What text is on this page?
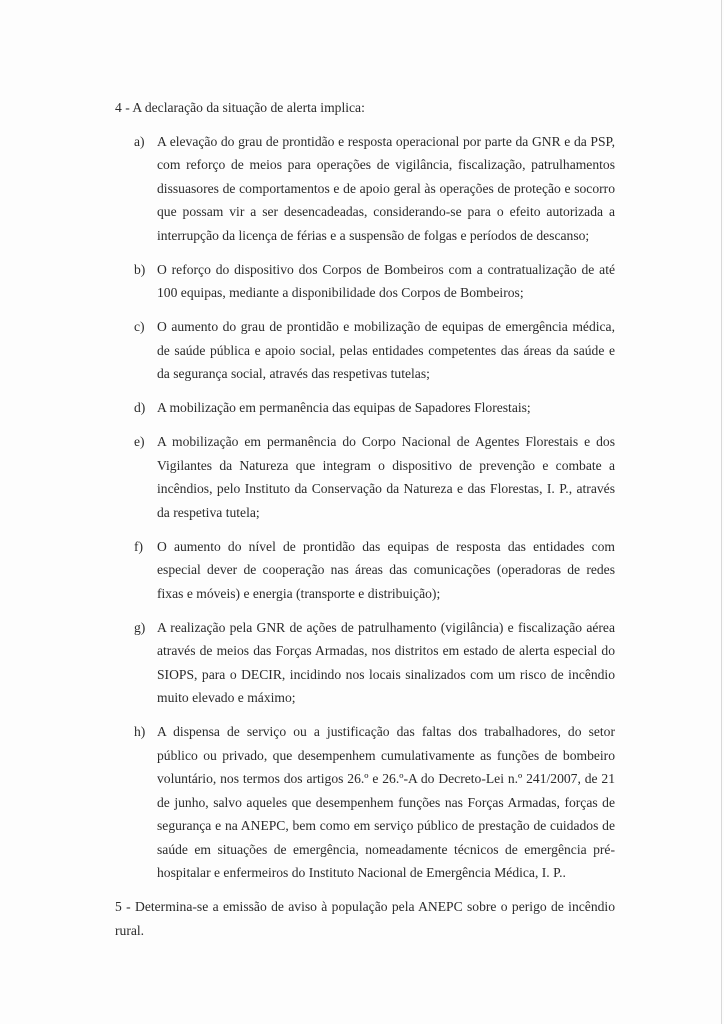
4 - A declaração da situação de alerta implica:

a) A elevação do grau de prontidão e resposta operacional por parte da GNR e da PSP, com reforço de meios para operações de vigilância, fiscalização, patrulhamentos dissuasores de comportamentos e de apoio geral às operações de proteção e socorro que possam vir a ser desencadeadas, considerando-se para o efeito autorizada a interrupção da licença de férias e a suspensão de folgas e períodos de descanso;
b) O reforço do dispositivo dos Corpos de Bombeiros com a contratualização de até 100 equipas, mediante a disponibilidade dos Corpos de Bombeiros;
c) O aumento do grau de prontidão e mobilização de equipas de emergência médica, de saúde pública e apoio social, pelas entidades competentes das áreas da saúde e da segurança social, através das respetivas tutelas;
d) A mobilização em permanência das equipas de Sapadores Florestais;
e) A mobilização em permanência do Corpo Nacional de Agentes Florestais e dos Vigilantes da Natureza que integram o dispositivo de prevenção e combate a incêndios, pelo Instituto da Conservação da Natureza e das Florestas, I. P., através da respetiva tutela;
f) O aumento do nível de prontidão das equipas de resposta das entidades com especial dever de cooperação nas áreas das comunicações (operadoras de redes fixas e móveis) e energia (transporte e distribuição);
g) A realização pela GNR de ações de patrulhamento (vigilância) e fiscalização aérea através de meios das Forças Armadas, nos distritos em estado de alerta especial do SIOPS, para o DECIR, incidindo nos locais sinalizados com um risco de incêndio muito elevado e máximo;
h) A dispensa de serviço ou a justificação das faltas dos trabalhadores, do setor público ou privado, que desempenhem cumulativamente as funções de bombeiro voluntário, nos termos dos artigos 26.º e 26.º-A do Decreto-Lei n.º 241/2007, de 21 de junho, salvo aqueles que desempenhem funções nas Forças Armadas, forças de segurança e na ANEPC, bem como em serviço público de prestação de cuidados de saúde em situações de emergência, nomeadamente técnicos de emergência pré-hospitalar e enfermeiros do Instituto Nacional de Emergência Médica, I. P..

5 - Determina-se a emissão de aviso à população pela ANEPC sobre o perigo de incêndio rural.
